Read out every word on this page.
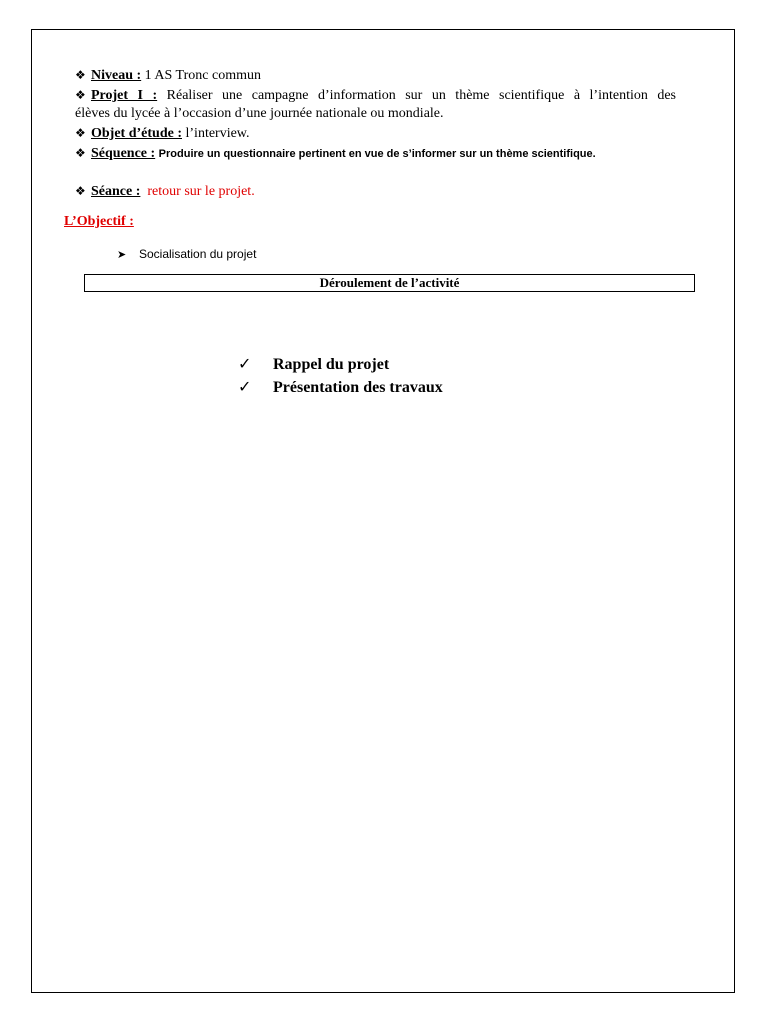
❖ Niveau : 1 AS Tronc commun
❖ Projet I : Réaliser une campagne d’information sur un thème scientifique à l’intention des
élèves du lycée à l’occasion d’une journée nationale ou mondiale.
❖ Objet d’étude : l’interview.
❖ Séquence : Produire un questionnaire pertinent en vue de s’informer sur un thème scientifique.
❖ Séance : retour sur le projet.
L’Objectif :
➤ Socialisation du projet
Déroulement de l’activité
✓ Rappel du projet
✓ Présentation des travaux
